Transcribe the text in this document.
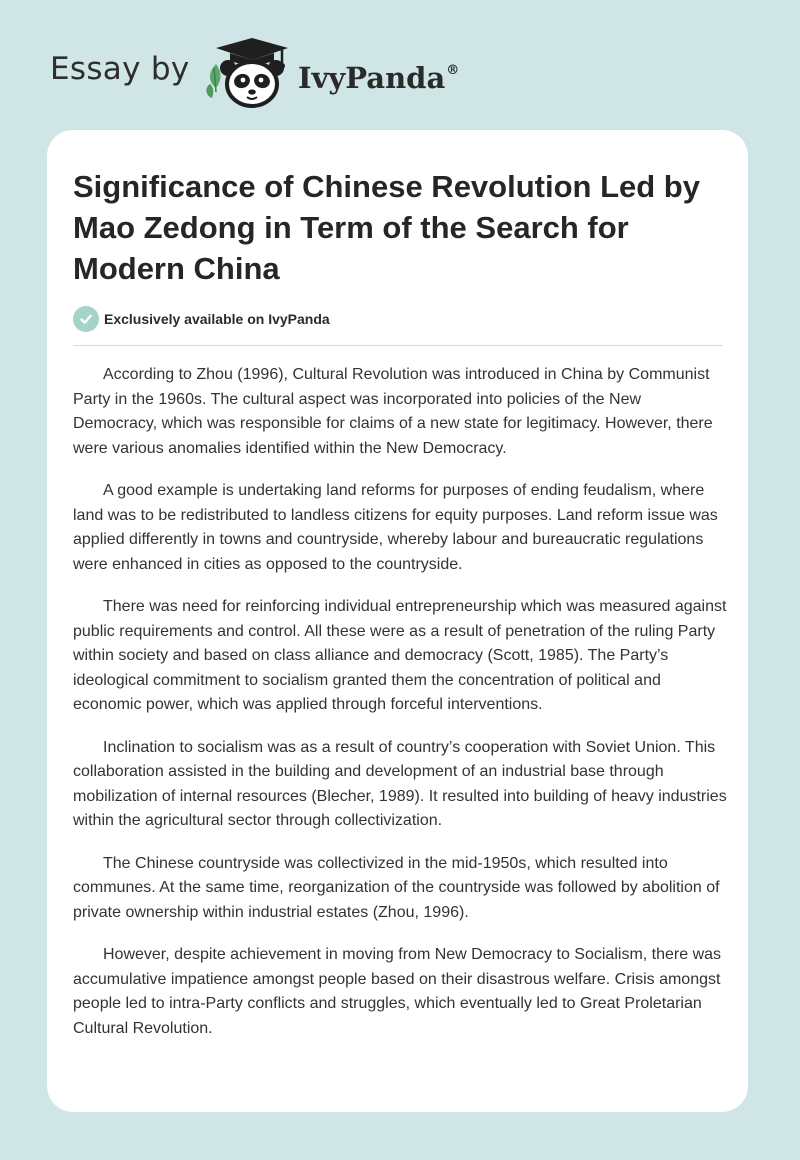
Essay by	IvyPanda®
Significance of Chinese Revolution Led by Mao Zedong in Term of the Search for Modern China
Exclusively available on IvyPanda

According to Zhou (1996), Cultural Revolution was introduced in China by Communist Party in the 1960s. The cultural aspect was incorporated into policies of the New Democracy, which was responsible for claims of a new state for legitimacy. However, there were various anomalies identified within the New Democracy.

A good example is undertaking land reforms for purposes of ending feudalism, where land was to be redistributed to landless citizens for equity purposes. Land reform issue was applied differently in towns and countryside, whereby labour and bureaucratic regulations were enhanced in cities as opposed to the countryside.

There was need for reinforcing individual entrepreneurship which was measured against public requirements and control. All these were as a result of penetration of the ruling Party within society and based on class alliance and democracy (Scott, 1985). The Party’s ideological commitment to socialism granted them the concentration of political and economic power, which was applied through forceful interventions.

Inclination to socialism was as a result of country’s cooperation with Soviet Union. This collaboration assisted in the building and development of an industrial base through mobilization of internal resources (Blecher, 1989). It resulted into building of heavy industries within the agricultural sector through collectivization.

The Chinese countryside was collectivized in the mid-1950s, which resulted into communes. At the same time, reorganization of the countryside was followed by abolition of private ownership within industrial estates (Zhou, 1996).

However, despite achievement in moving from New Democracy to Socialism, there was accumulative impatience amongst people based on their disastrous welfare. Crisis amongst people led to intra-Party conflicts and struggles, which eventually led to Great Proletarian Cultural Revolution.
